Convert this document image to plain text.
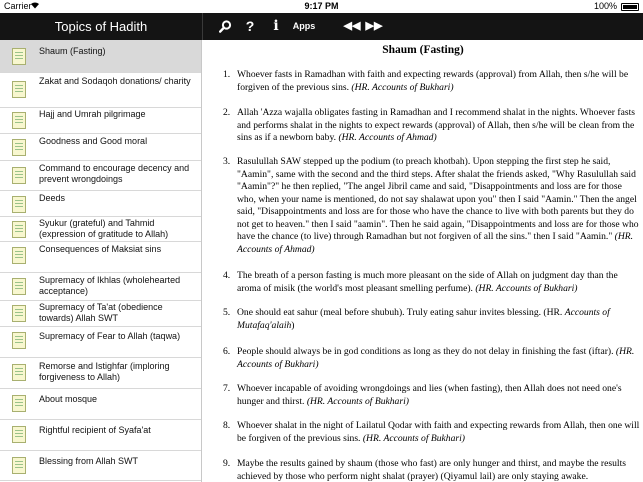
Carrier	9:17 PM	100%
Topics of Hadith	?	i	Apps	◀◀ ▶▶
Shaum (Fasting)
Zakat and Sodaqoh donations/ charity
Hajj and Umrah pilgrimage
Goodness and Good moral
Command to encourage decency and prevent wrongdoings
Deeds
Syukur (grateful) and Tahmid (expression of gratitude to Allah)
Consequences of Maksiat sins
Supremacy of Ikhlas (wholehearted acceptance)
Supremacy of Ta'at (obedience towards) Allah SWT
Supremacy of Fear to Allah (taqwa)
Remorse and Istighfar (imploring forgiveness to Allah)
About mosque
Rightful recipient of Syafa'at
Blessing from Allah SWT
Shaum (Fasting)
1. Whoever fasts in Ramadhan with faith and expecting rewards (approval) from Allah, then s/he will be forgiven of the previous sins. (HR. Accounts of Bukhari)
2. Allah 'Azza wajalla obligates fasting in Ramadhan and I recommend shalat in the nights. Whoever fasts and performs shalat in the nights to expect rewards (approval) of Allah, then s/he will be clean from the sins as if a newborn baby. (HR. Accounts of Ahmad)
3. Rasulullah SAW stepped up the podium (to preach khotbah). Upon stepping the first step he said, "Aamin", same with the second and the third steps. After shalat the friends asked, "Why Rasulullah said "Aamin"?" he then replied, "The angel Jibril came and said, "Disappointments and loss are for those who, when your name is mentioned, do not say shalawat upon you" then I said "Aamin." Then the angel said, "Disappointments and loss are for those who have the chance to live with both parents but they do not get to heaven." then I said "aamin". Then he said again, "Disappointments and loss are for those who have the chance (to live) through Ramadhan but not forgiven of all the sins." then I said "Aamin." (HR. Accounts of Ahmad)
4. The breath of a person fasting is much more pleasant on the side of Allah on judgment day than the aroma of misik (the world's most pleasant smelling perfume). (HR. Accounts of Bukhari)
5. One should eat sahur (meal before shubuh). Truly eating sahur invites blessing. (HR. Accounts of Mutafaq'alaih)
6. People should always be in god conditions as long as they do not delay in finishing the fast (iftar). (HR. Accounts of Bukhari)
7. Whoever incapable of avoiding wrongdoings and lies (when fasting), then Allah does not need one's hunger and thirst. (HR. Accounts of Bukhari)
8. Whoever shalat in the night of Lailatul Qodar with faith and expecting rewards from Allah, then one will be forgiven of the previous sins. (HR. Accounts of Bukhari)
9. Maybe the results gained by shaum (those who fast) are only hunger and thirst, and maybe the results achieved by those who perform night shalat (prayer) (Qiyamul lail) are only staying awake.
